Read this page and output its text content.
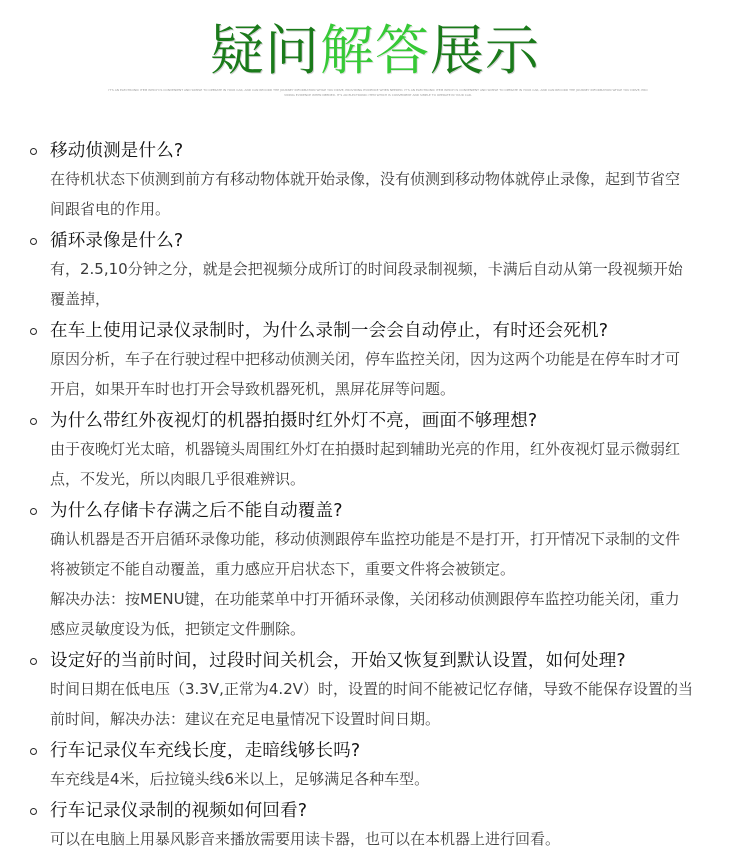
疑问解答展示
IT'S AN ELECTRONIC ITEM WHICH IS CONVENIENT AND SIMPLE TO OPERATE IN YOUR CAR, AND CAN RECORD THE JOURNEY INFORMATION WHILE YOU DRIVE, PROVIDING EVIDENCE WHEN NEEDED. IT'S AN ELECTRONIC ITEM WHICH IS CONVENIENT AND SIMPLE TO OPERATE IN YOUR CAR, AND CAN RECORD THE JOURNEY INFORMATION WHILE YOU DRIVE, PROVIDING EVIDENCE WHEN NEEDED. IT'S AN ELECTRONIC ITEM WHICH IS CONVENIENT AND SIMPLE TO OPERATE IN YOUR CAR.
移动侦测是什么?

在待机状态下侦测到前方有移动物体就开始录像，没有侦测到移动物体就停止录像，起到节省空

间跟省电的作用。

循环录像是什么?

有，2.5,10分钟之分，就是会把视频分成所订的时间段录制视频，卡满后自动从第一段视频开始

覆盖掉，

在车上使用记录仪录制时，为什么录制一会会自动停止，有时还会死机?

原因分析，车子在行驶过程中把移动侦测关闭，停车监控关闭，因为这两个功能是在停车时才可

开启，如果开车时也打开会导致机器死机，黑屏花屏等问题。

为什么带红外夜视灯的机器拍摄时红外灯不亮，画面不够理想?

由于夜晚灯光太暗，机器镜头周围红外灯在拍摄时起到辅助光亮的作用，红外夜视灯显示微弱红

点，不发光，所以肉眼几乎很难辨识。

为什么存储卡存满之后不能自动覆盖?

确认机器是否开启循环录像功能，移动侦测跟停车监控功能是不是打开，打开情况下录制的文件

将被锁定不能自动覆盖，重力感应开启状态下，重要文件将会被锁定。

解决办法：按MENU键，在功能菜单中打开循环录像，关闭移动侦测跟停车监控功能关闭，重力

感应灵敏度设为低，把锁定文件删除。

设定好的当前时间，过段时间关机会，开始又恢复到默认设置，如何处理?

时间日期在低电压（3.3V,正常为4.2V）时，设置的时间不能被记忆存储，导致不能保存设置的当

前时间，解决办法：建议在充足电量情况下设置时间日期。

行车记录仪车充线长度，走暗线够长吗?

车充线是4米，后拉镜头线6米以上，足够满足各种车型。

行车记录仪录制的视频如何回看?

可以在电脑上用暴风影音来播放需要用读卡器，也可以在本机器上进行回看。
